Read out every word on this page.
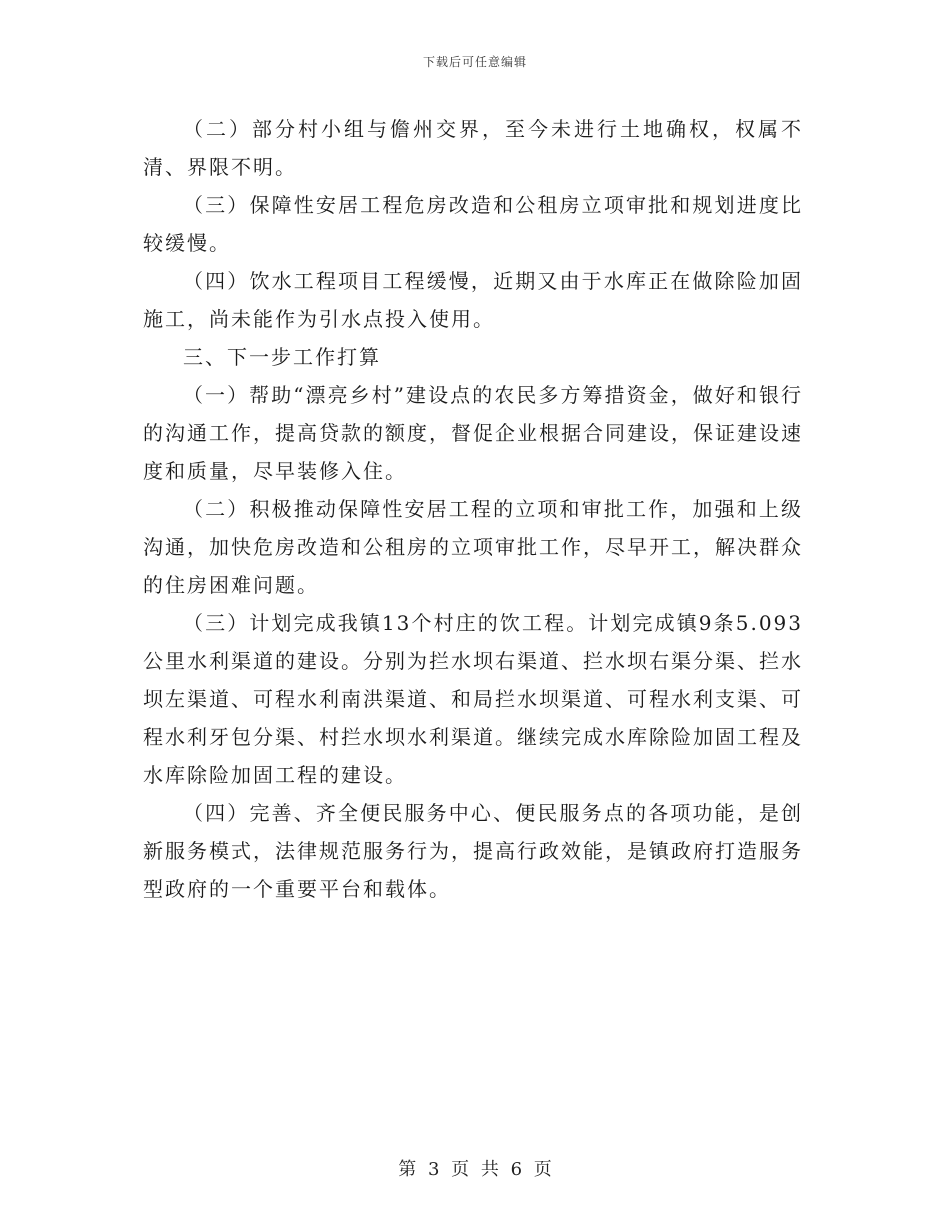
下载后可任意编辑

（二）部分村小组与儋州交界，至今未进行土地确权，权属不清、界限不明。

（三）保障性安居工程危房改造和公租房立项审批和规划进度比较缓慢。

（四）饮水工程项目工程缓慢，近期又由于水库正在做除险加固施工，尚未能作为引水点投入使用。

三、下一步工作打算

（一）帮助“漂亮乡村”建设点的农民多方筹措资金，做好和银行的沟通工作，提高贷款的额度，督促企业根据合同建设，保证建设速度和质量，尽早装修入住。

（二）积极推动保障性安居工程的立项和审批工作，加强和上级沟通，加快危房改造和公租房的立项审批工作，尽早开工，解决群众的住房困难问题。

（三）计划完成我镇13个村庄的饮工程。计划完成镇9条5.093公里水利渠道的建设。分别为拦水坝右渠道、拦水坝右渠分渠、拦水坝左渠道、可程水利南洪渠道、和局拦水坝渠道、可程水利支渠、可程水利牙包分渠、村拦水坝水利渠道。继续完成水库除险加固工程及水库除险加固工程的建设。

（四）完善、齐全便民服务中心、便民服务点的各项功能，是创新服务模式，法律规范服务行为，提高行政效能，是镇政府打造服务型政府的一个重要平台和载体。

第 3 页 共 6 页
